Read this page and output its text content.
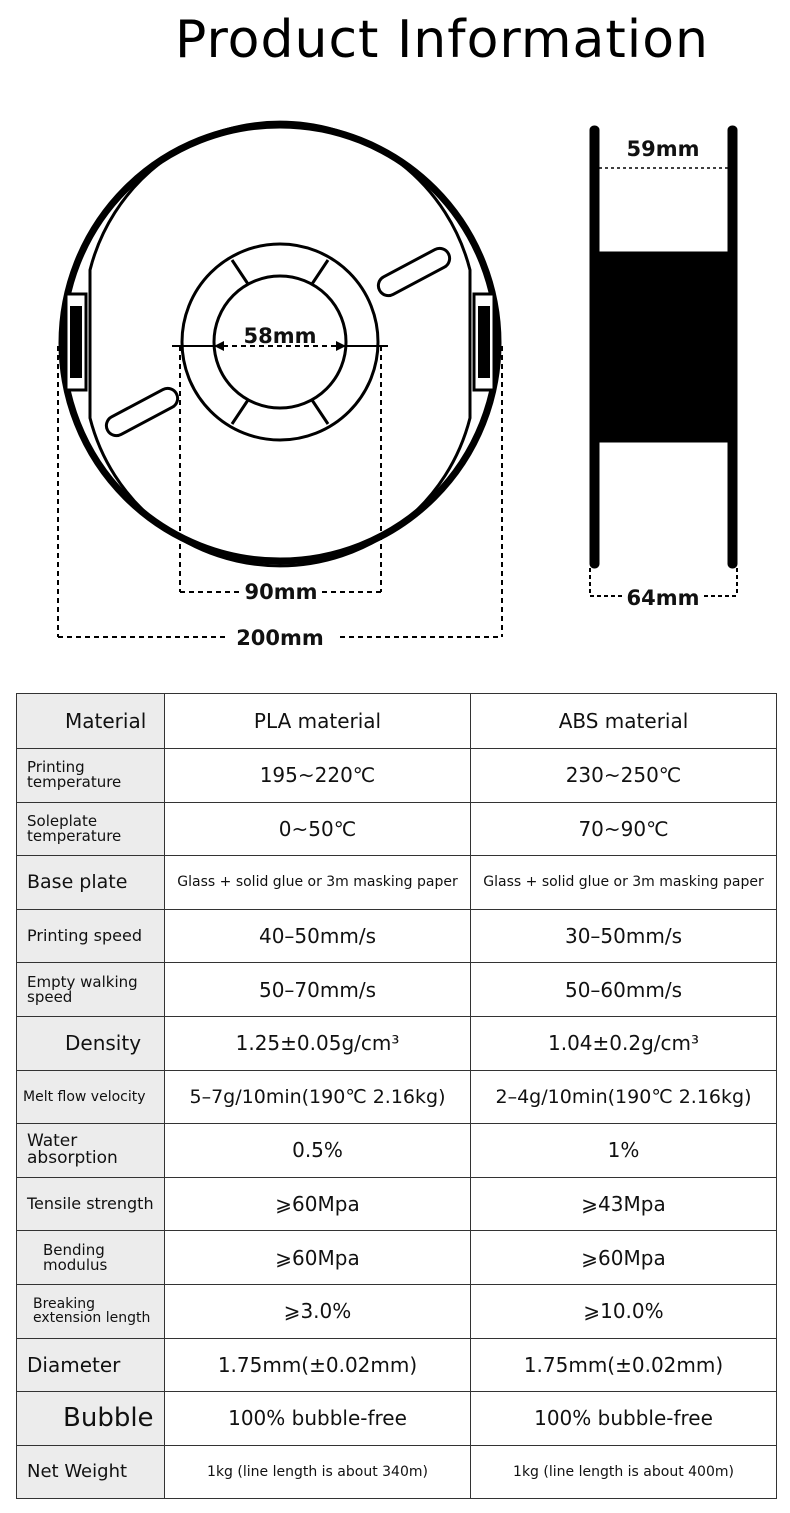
Product Information
58mm
90mm
200mm
59mm
64mm
Material	PLA material	ABS material
Printing temperature	195~220℃	230~250℃
Soleplate temperature	0~50℃	70~90℃
Base plate	Glass + solid glue or 3m masking paper	Glass + solid glue or 3m masking paper
Printing speed	40–50mm/s	30–50mm/s
Empty walking speed	50–70mm/s	50–60mm/s
Density	1.25±0.05g/cm³	1.04±0.2g/cm³
Melt flow velocity	5–7g/10min(190℃ 2.16kg)	2–4g/10min(190℃ 2.16kg)
Water absorption	0.5%	1%
Tensile strength	⩾60Mpa	⩾43Mpa
Bending modulus	⩾60Mpa	⩾60Mpa
Breaking extension length	⩾3.0%	⩾10.0%
Diameter	1.75mm(±0.02mm)	1.75mm(±0.02mm)
Bubble	100% bubble-free	100% bubble-free
Net Weight	1kg (line length is about 340m)	1kg (line length is about 400m)
